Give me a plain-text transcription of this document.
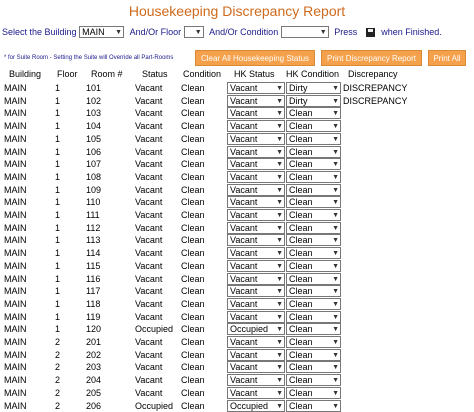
Housekeeping Discrepancy Report
Select the Building MAIN ▼ And/Or Floor ▼ And/Or Condition	▼ Press	when Finished.
* for Suite Room - Setting the Suite will Override all Part-Rooms	Clear All Housekeeping Status	Print Discrepancy Report	Print All
Building Floor Room # Status Condition HK Status HK Condition Discrepancy
MAIN	1	101	Vacant Clean	Vacant	▼ Dirty	▼ DISCREPANCY
MAIN	1	102	Vacant Clean	Vacant	▼ Dirty	▼ DISCREPANCY
MAIN	1	103	Vacant Clean	Vacant	▼ Clean	▼
MAIN	1	104	Vacant Clean	Vacant	▼ Clean	▼
MAIN	1	105	Vacant Clean	Vacant	▼ Clean	▼
MAIN	1	106	Vacant Clean	Vacant	▼ Clean	▼
MAIN	1	107	Vacant Clean	Vacant	▼ Clean	▼
MAIN	1	108	Vacant Clean	Vacant	▼ Clean	▼
MAIN	1	109	Vacant Clean	Vacant	▼ Clean	▼
MAIN	1	110	Vacant Clean	Vacant	▼ Clean	▼
MAIN	1	111	Vacant Clean	Vacant	▼ Clean	▼
MAIN	1	112	Vacant Clean	Vacant	▼ Clean	▼
MAIN	1	113	Vacant Clean	Vacant	▼ Clean	▼
MAIN	1	114	Vacant Clean	Vacant	▼ Clean	▼
MAIN	1	115	Vacant Clean	Vacant	▼ Clean	▼
MAIN	1	116	Vacant Clean	Vacant	▼ Clean	▼
MAIN	1	117	Vacant Clean	Vacant	▼ Clean	▼
MAIN	1	118	Vacant Clean	Vacant	▼ Clean	▼
MAIN	1	119	Vacant Clean	Vacant	▼ Clean	▼
MAIN	1	120	Occupied Clean	Occupied ▼ Clean	▼
MAIN	2	201	Vacant Clean	Vacant	▼ Clean	▼
MAIN	2	202	Vacant Clean	Vacant	▼ Clean	▼
MAIN	2	203	Vacant Clean	Vacant	▼ Clean	▼
MAIN	2	204	Vacant Clean	Vacant	▼ Clean	▼
MAIN	2	205	Vacant Clean	Vacant	▼ Clean	▼
MAIN	2	206	Occupied Clean	Occupied ▼ Clean	▼
